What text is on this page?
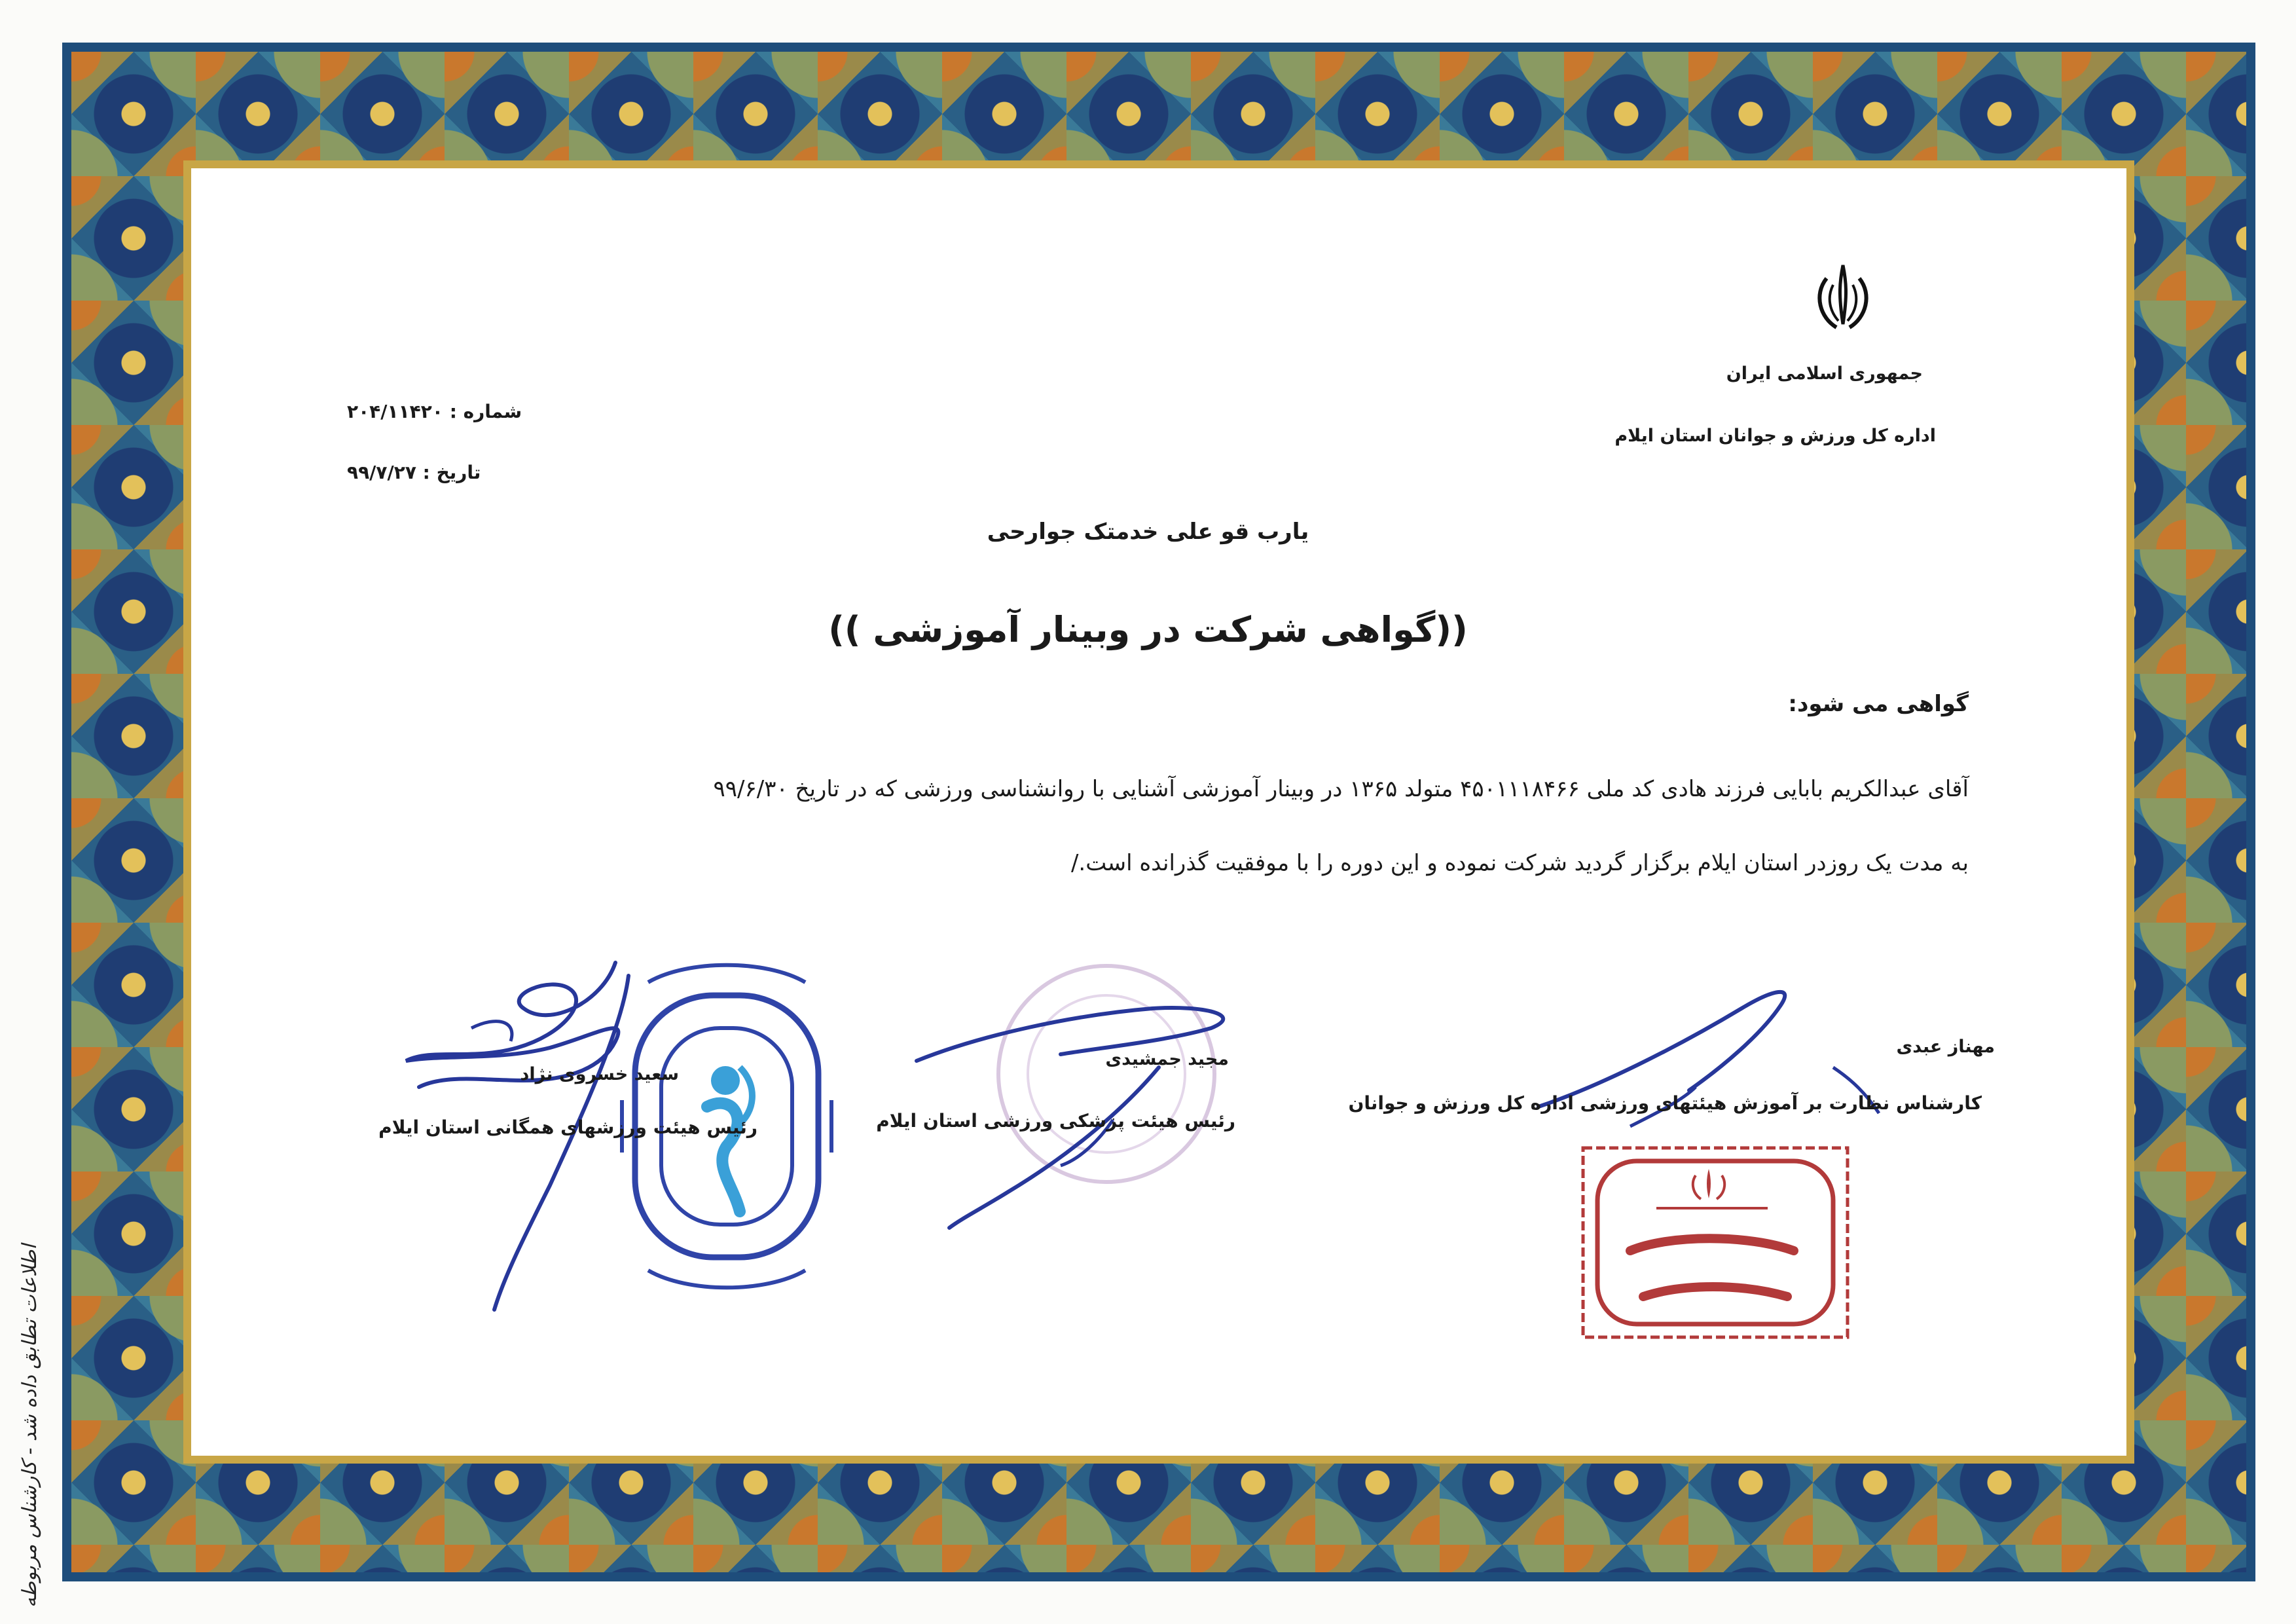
جمهوری اسلامی ایران
اداره کل ورزش و جوانان استان ایلام
شماره : ۲۰۴/۱۱۴۲۰
تاریخ : ۹۹/۷/۲۷
یارب قو علی خدمتک جوارحی
((گواهی شرکت در وبینار آموزشی ))
گواهی می شود:
آقای عبدالکریم بابایی فرزند هادی کد ملی ۴۵۰۱۱۱۸۴۶۶ متولد ۱۳۶۵ در وبینار آموزشی آشنایی با روانشناسی ورزشی که در تاریخ ۹۹/۶/۳۰
به مدت یک روزدر استان ایلام برگزار گردید شرکت نموده و این دوره را با موفقیت گذرانده است./
مهناز عبدی
کارشناس نظارت بر آموزش هیئتهای ورزشی اداره کل ورزش و جوانان
مجید جمشیدی
رئیس هیئت پزشکی ورزشی استان ایلام
سعید خسروی نژاد
رئیس هیئت ورزشهای همگانی استان ایلام
اطلاعات تطابق داده شد - کارشناس مربوطه
